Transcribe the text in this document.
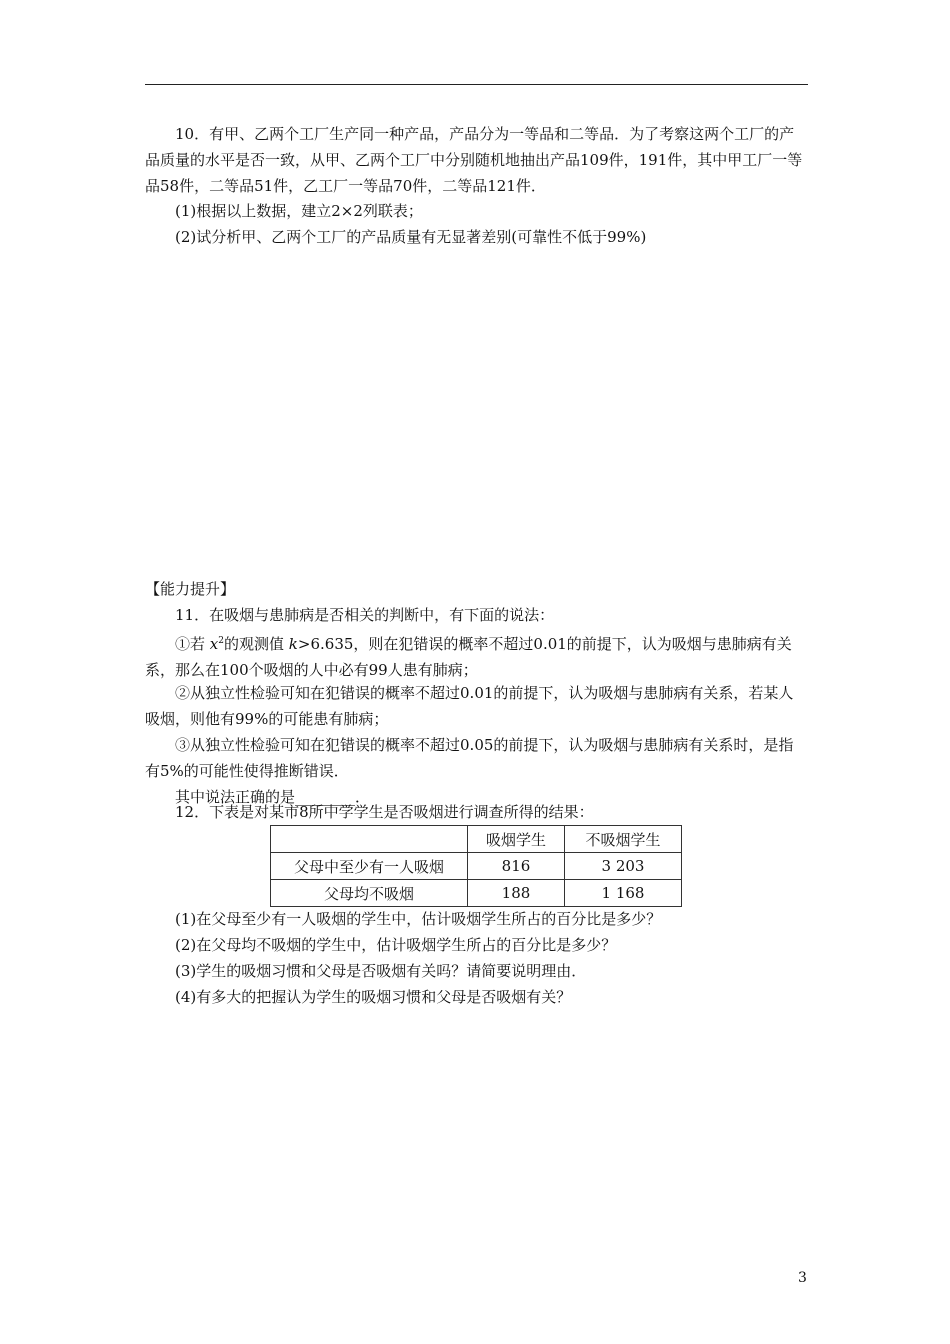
10．有甲、乙两个工厂生产同一种产品，产品分为一等品和二等品．为了考察这两个工厂的产品质量的水平是否一致，从甲、乙两个工厂中分别随机地抽出产品109件，191件，其中甲工厂一等品58件，二等品51件，乙工厂一等品70件，二等品121件．

(1)根据以上数据，建立2×2列联表；

(2)试分析甲、乙两个工厂的产品质量有无显著差别(可靠性不低于99%)

【能力提升】

11．在吸烟与患肺病是否相关的判断中，有下面的说法：

①若 $x^2$的观测值 k>6.635，则在犯错误的概率不超过0.01的前提下，认为吸烟与患肺病有关系，那么在100个吸烟的人中必有99人患有肺病；

②从独立性检验可知在犯错误的概率不超过0.01的前提下，认为吸烟与患肺病有关系，若某人吸烟，则他有99%的可能患有肺病；

③从独立性检验可知在犯错误的概率不超过0.05的前提下，认为吸烟与患肺病有关系时，是指有5%的可能性使得推断错误．

其中说法正确的是________．

12．下表是对某市8所中学学生是否吸烟进行调查所得的结果：

	吸烟学生	不吸烟学生
父母中至少有一人吸烟	816	3 203
父母均不吸烟	188	1 168

(1)在父母至少有一人吸烟的学生中，估计吸烟学生所占的百分比是多少？

(2)在父母均不吸烟的学生中，估计吸烟学生所占的百分比是多少？

(3)学生的吸烟习惯和父母是否吸烟有关吗？请简要说明理由．

(4)有多大的把握认为学生的吸烟习惯和父母是否吸烟有关？

3
